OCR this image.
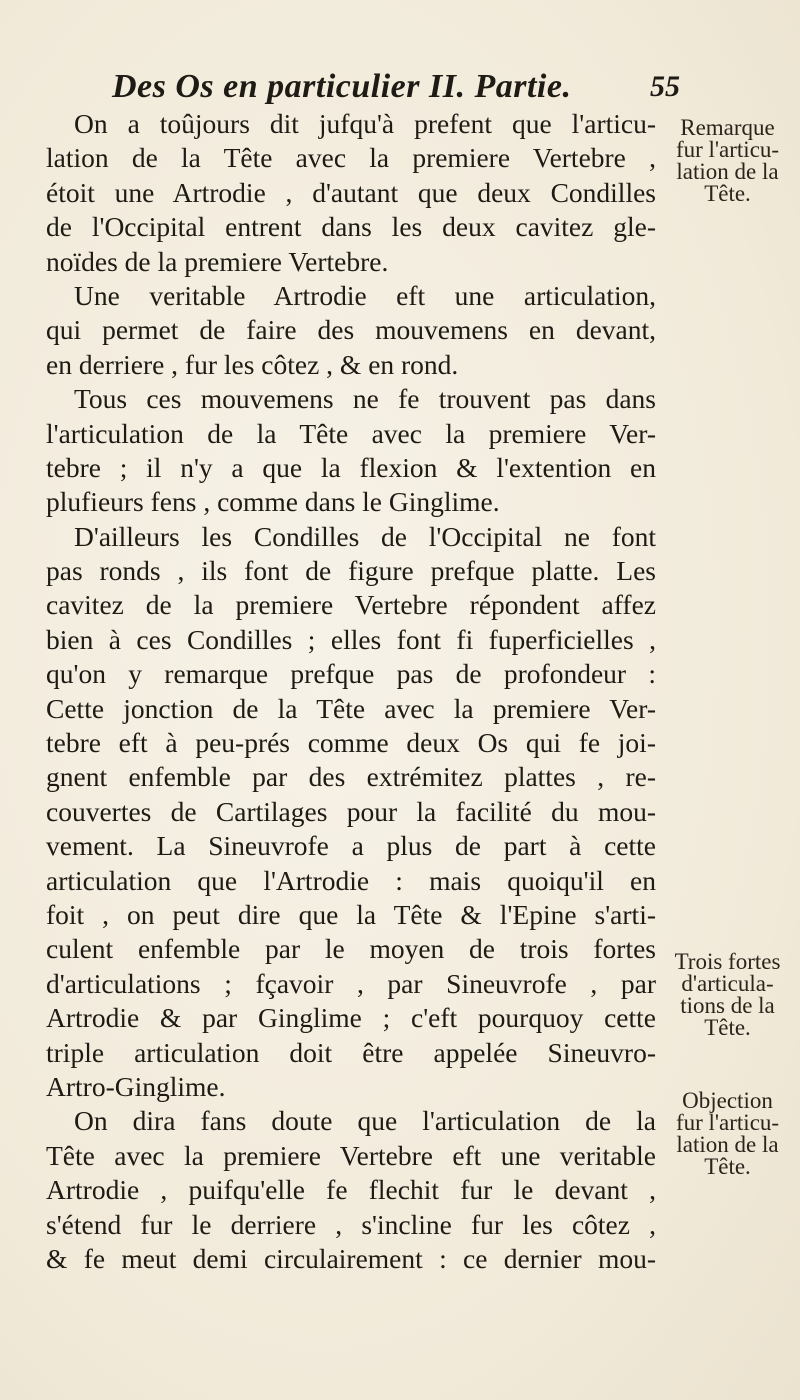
Des Os en particulier II. Partie.	55
On a toûjours dit jufqu'à prefent que l'articu-
lation de la Tête avec la premiere Vertebre ,
étoit une Artrodie , d'autant que deux Condilles
de l'Occipital entrent dans les deux cavitez gle-
noïdes de la premiere Vertebre.
Une veritable Artrodie eft une articulation,
qui permet de faire des mouvemens en devant,
en derriere , fur les côtez , & en rond.
Tous ces mouvemens ne fe trouvent pas dans
l'articulation de la Tête avec la premiere Ver-
tebre ; il n'y a que la flexion & l'extention en
plufieurs fens , comme dans le Ginglime.
D'ailleurs les Condilles de l'Occipital ne font
pas ronds , ils font de figure prefque platte. Les
cavitez de la premiere Vertebre répondent affez
bien à ces Condilles ; elles font fi fuperficielles ,
qu'on y remarque prefque pas de profondeur :
Cette jonction de la Tête avec la premiere Ver-
tebre eft à peu-prés comme deux Os qui fe joi-
gnent enfemble par des extrémitez plattes , re-
couvertes de Cartilages pour la facilité du mou-
vement. La Sineuvrofe a plus de part à cette
articulation que l'Artrodie : mais quoiqu'il en
foit , on peut dire que la Tête & l'Epine s'arti-
culent enfemble par le moyen de trois fortes
d'articulations ; fçavoir , par Sineuvrofe , par
Artrodie & par Ginglime ; c'eft pourquoy cette
triple articulation doit être appelée Sineuvro-
Artro-Ginglime.
On dira fans doute que l'articulation de la
Tête avec la premiere Vertebre eft une veritable
Artrodie , puifqu'elle fe flechit fur le devant ,
s'étend fur le derriere , s'incline fur les côtez ,
& fe meut demi circulairement : ce dernier mou-
Remarque
fur l'articu-
lation de la
Tête.
Trois fortes
d'articula-
tions de la
Tête.
Objection
fur l'articu-
lation de la
Tête.
